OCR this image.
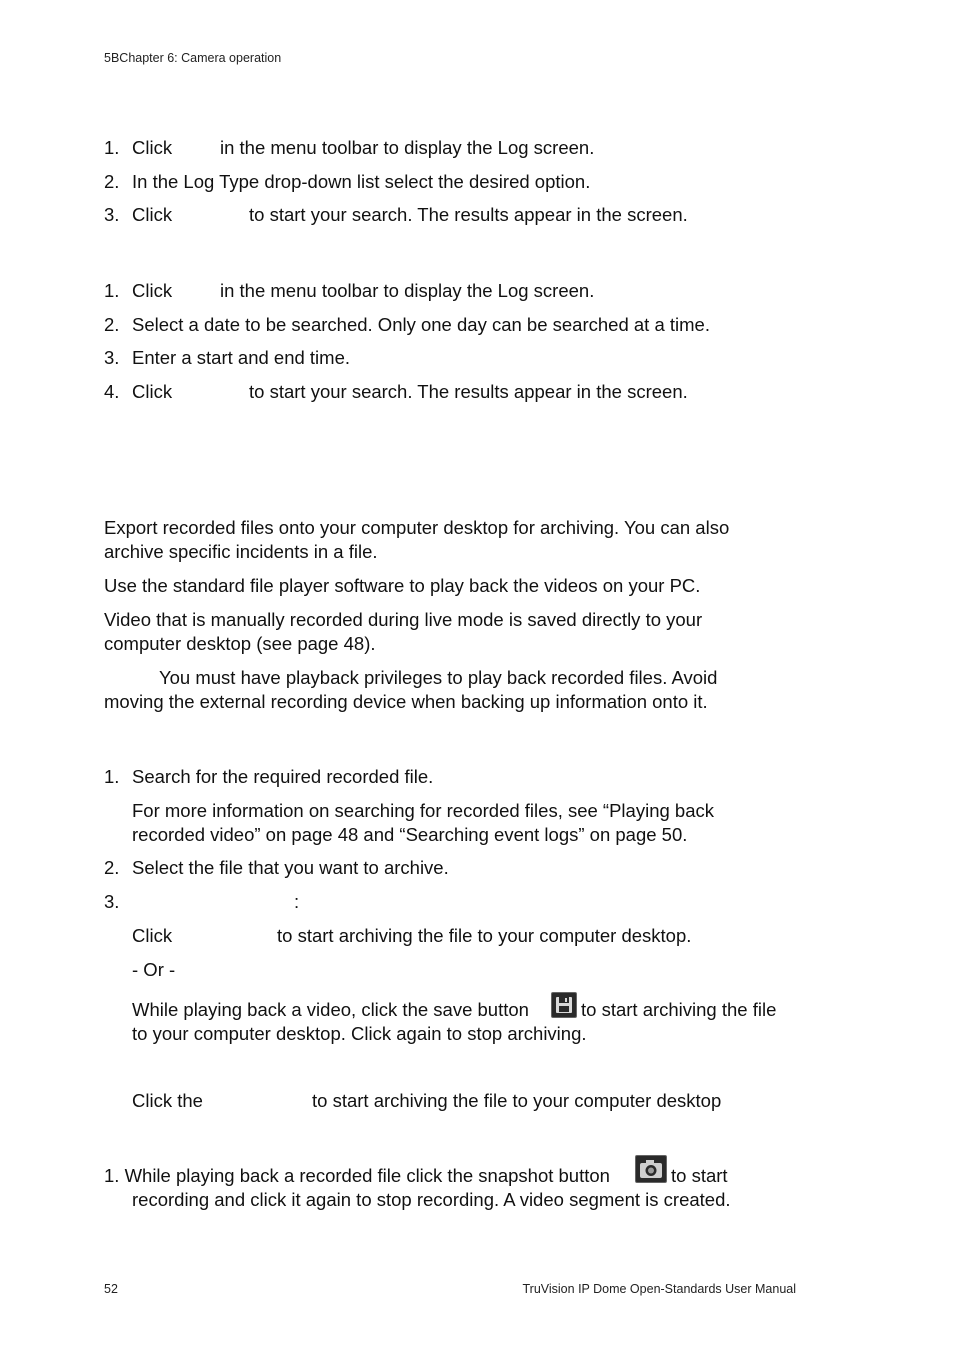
5BChapter 6: Camera operation
1. Click	in the menu toolbar to display the Log screen.
2. In the Log Type drop-down list select the desired option.
3. Click	to start your search. The results appear in the screen.
1. Click	in the menu toolbar to display the Log screen.
2. Select a date to be searched. Only one day can be searched at a time.
3. Enter a start and end time.
4. Click	to start your search. The results appear in the screen.
Export recorded files onto your computer desktop for archiving. You can also
archive specific incidents in a file.
Use the standard file player software to play back the videos on your PC.
Video that is manually recorded during live mode is saved directly to your
computer desktop (see page 48).
You must have playback privileges to play back recorded files. Avoid
moving the external recording device when backing up information onto it.
1. Search for the required recorded file.
For more information on searching for recorded files, see “Playing back
recorded video” on page 48 and “Searching event logs” on page 50.
2. Select the file that you want to archive.
3.	:
Click	to start archiving the file to your computer desktop.
- Or -
While playing back a video, click the save button	to start archiving the file
to your computer desktop. Click again to stop archiving.
Click the	to start archiving the file to your computer desktop
1. While playing back a recorded file click the snapshot button	to start
recording and click it again to stop recording. A video segment is created.
52	TruVision IP Dome Open-Standards User Manual
